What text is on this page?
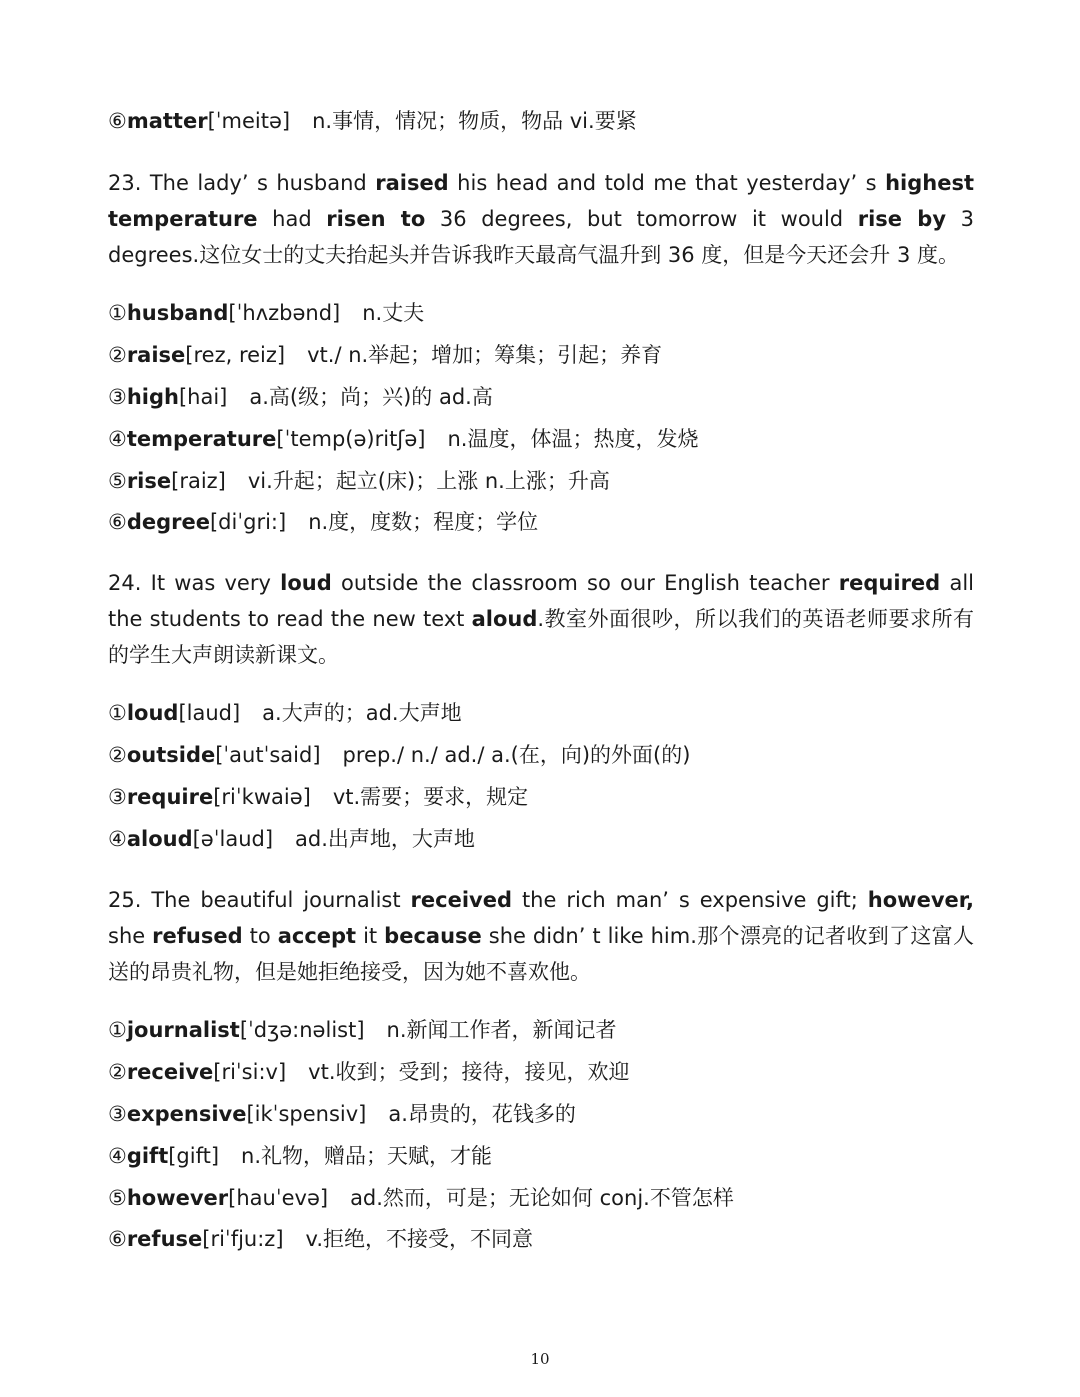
⑥matter[ˈmeitə] n.事情，情况；物质，物品 vi.要紧
23. The lady’ s husband raised his head and told me that yesterday’ s highest temperature had risen to 36 degrees, but tomorrow it would rise by 3 degrees.这位女士的丈夫抬起头并告诉我昨天最高气温升到 36 度，但是今天还会升 3 度。
①husband[ˈhʌzbənd] n.丈夫
②raise[rez, reiz] vt./ n.举起；增加；筹集；引起；养育
③high[hai] a.高(级；尚；兴)的 ad.高
④temperature[ˈtemp(ə)ritʃə] n.温度，体温；热度，发烧
⑤rise[raiz] vi.升起；起立(床)；上涨 n.上涨；升高
⑥degree[diˈgri:] n.度，度数；程度；学位
24. It was very loud outside the classroom so our English teacher required all the students to read the new text aloud.教室外面很吵，所以我们的英语老师要求所有的学生大声朗读新课文。
①loud[laud] a.大声的；ad.大声地
②outside[ˈautˈsaid] prep./ n./ ad./ a.(在，向)的外面(的)
③require[riˈkwaiə] vt.需要；要求，规定
④aloud[əˈlaud] ad.出声地，大声地
25. The beautiful journalist received the rich man’ s expensive gift; however, she refused to accept it because she didn’ t like him.那个漂亮的记者收到了这富人送的昂贵礼物，但是她拒绝接受，因为她不喜欢他。
①journalist[ˈdʒə:nəlist] n.新闻工作者，新闻记者
②receive[riˈsi:v] vt.收到；受到；接待，接见，欢迎
③expensive[ikˈspensiv] a.昂贵的，花钱多的
④gift[gift] n.礼物，赠品；天赋，才能
⑤however[hauˈevə] ad.然而，可是；无论如何 conj.不管怎样
⑥refuse[riˈfju:z] v.拒绝，不接受，不同意
10
